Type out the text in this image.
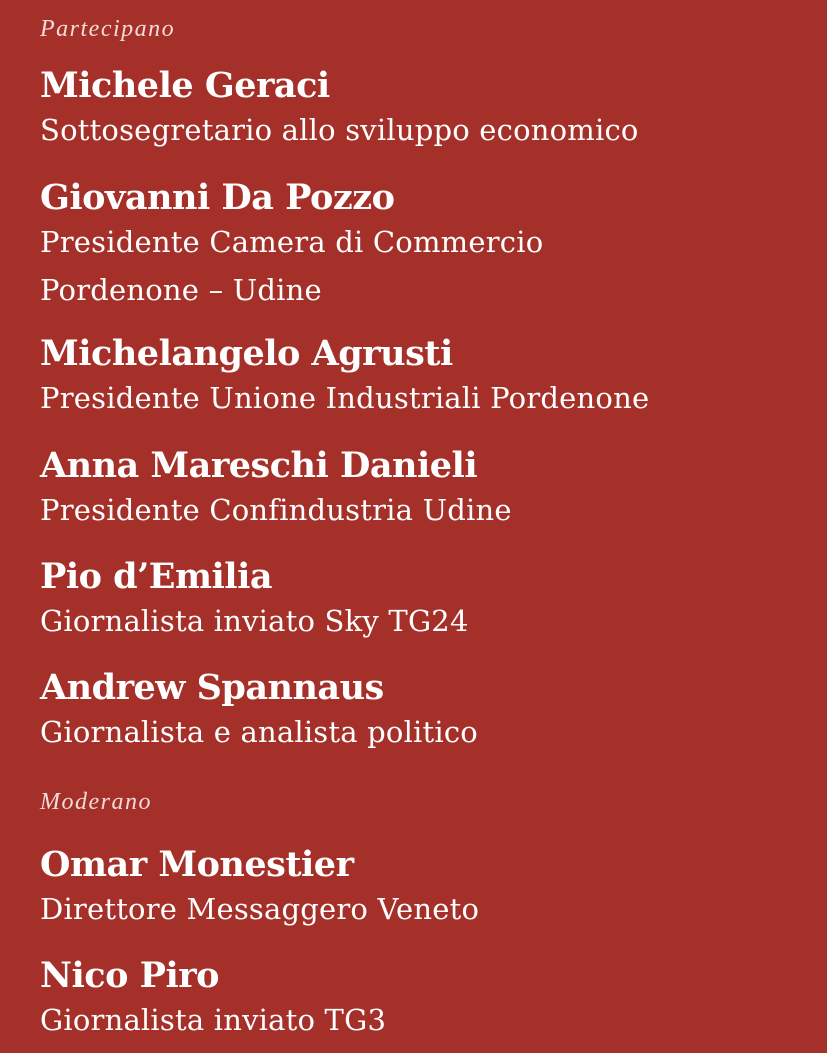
Partecipano
Michele Geraci
Sottosegretario allo sviluppo economico
Giovanni Da Pozzo
Presidente Camera di Commercio
Pordenone – Udine
Michelangelo Agrusti
Presidente Unione Industriali Pordenone
Anna Mareschi Danieli
Presidente Confindustria Udine
Pio d’Emilia
Giornalista inviato Sky TG24
Andrew Spannaus
Giornalista e analista politico
Moderano
Omar Monestier
Direttore Messaggero Veneto
Nico Piro
Giornalista inviato TG3
